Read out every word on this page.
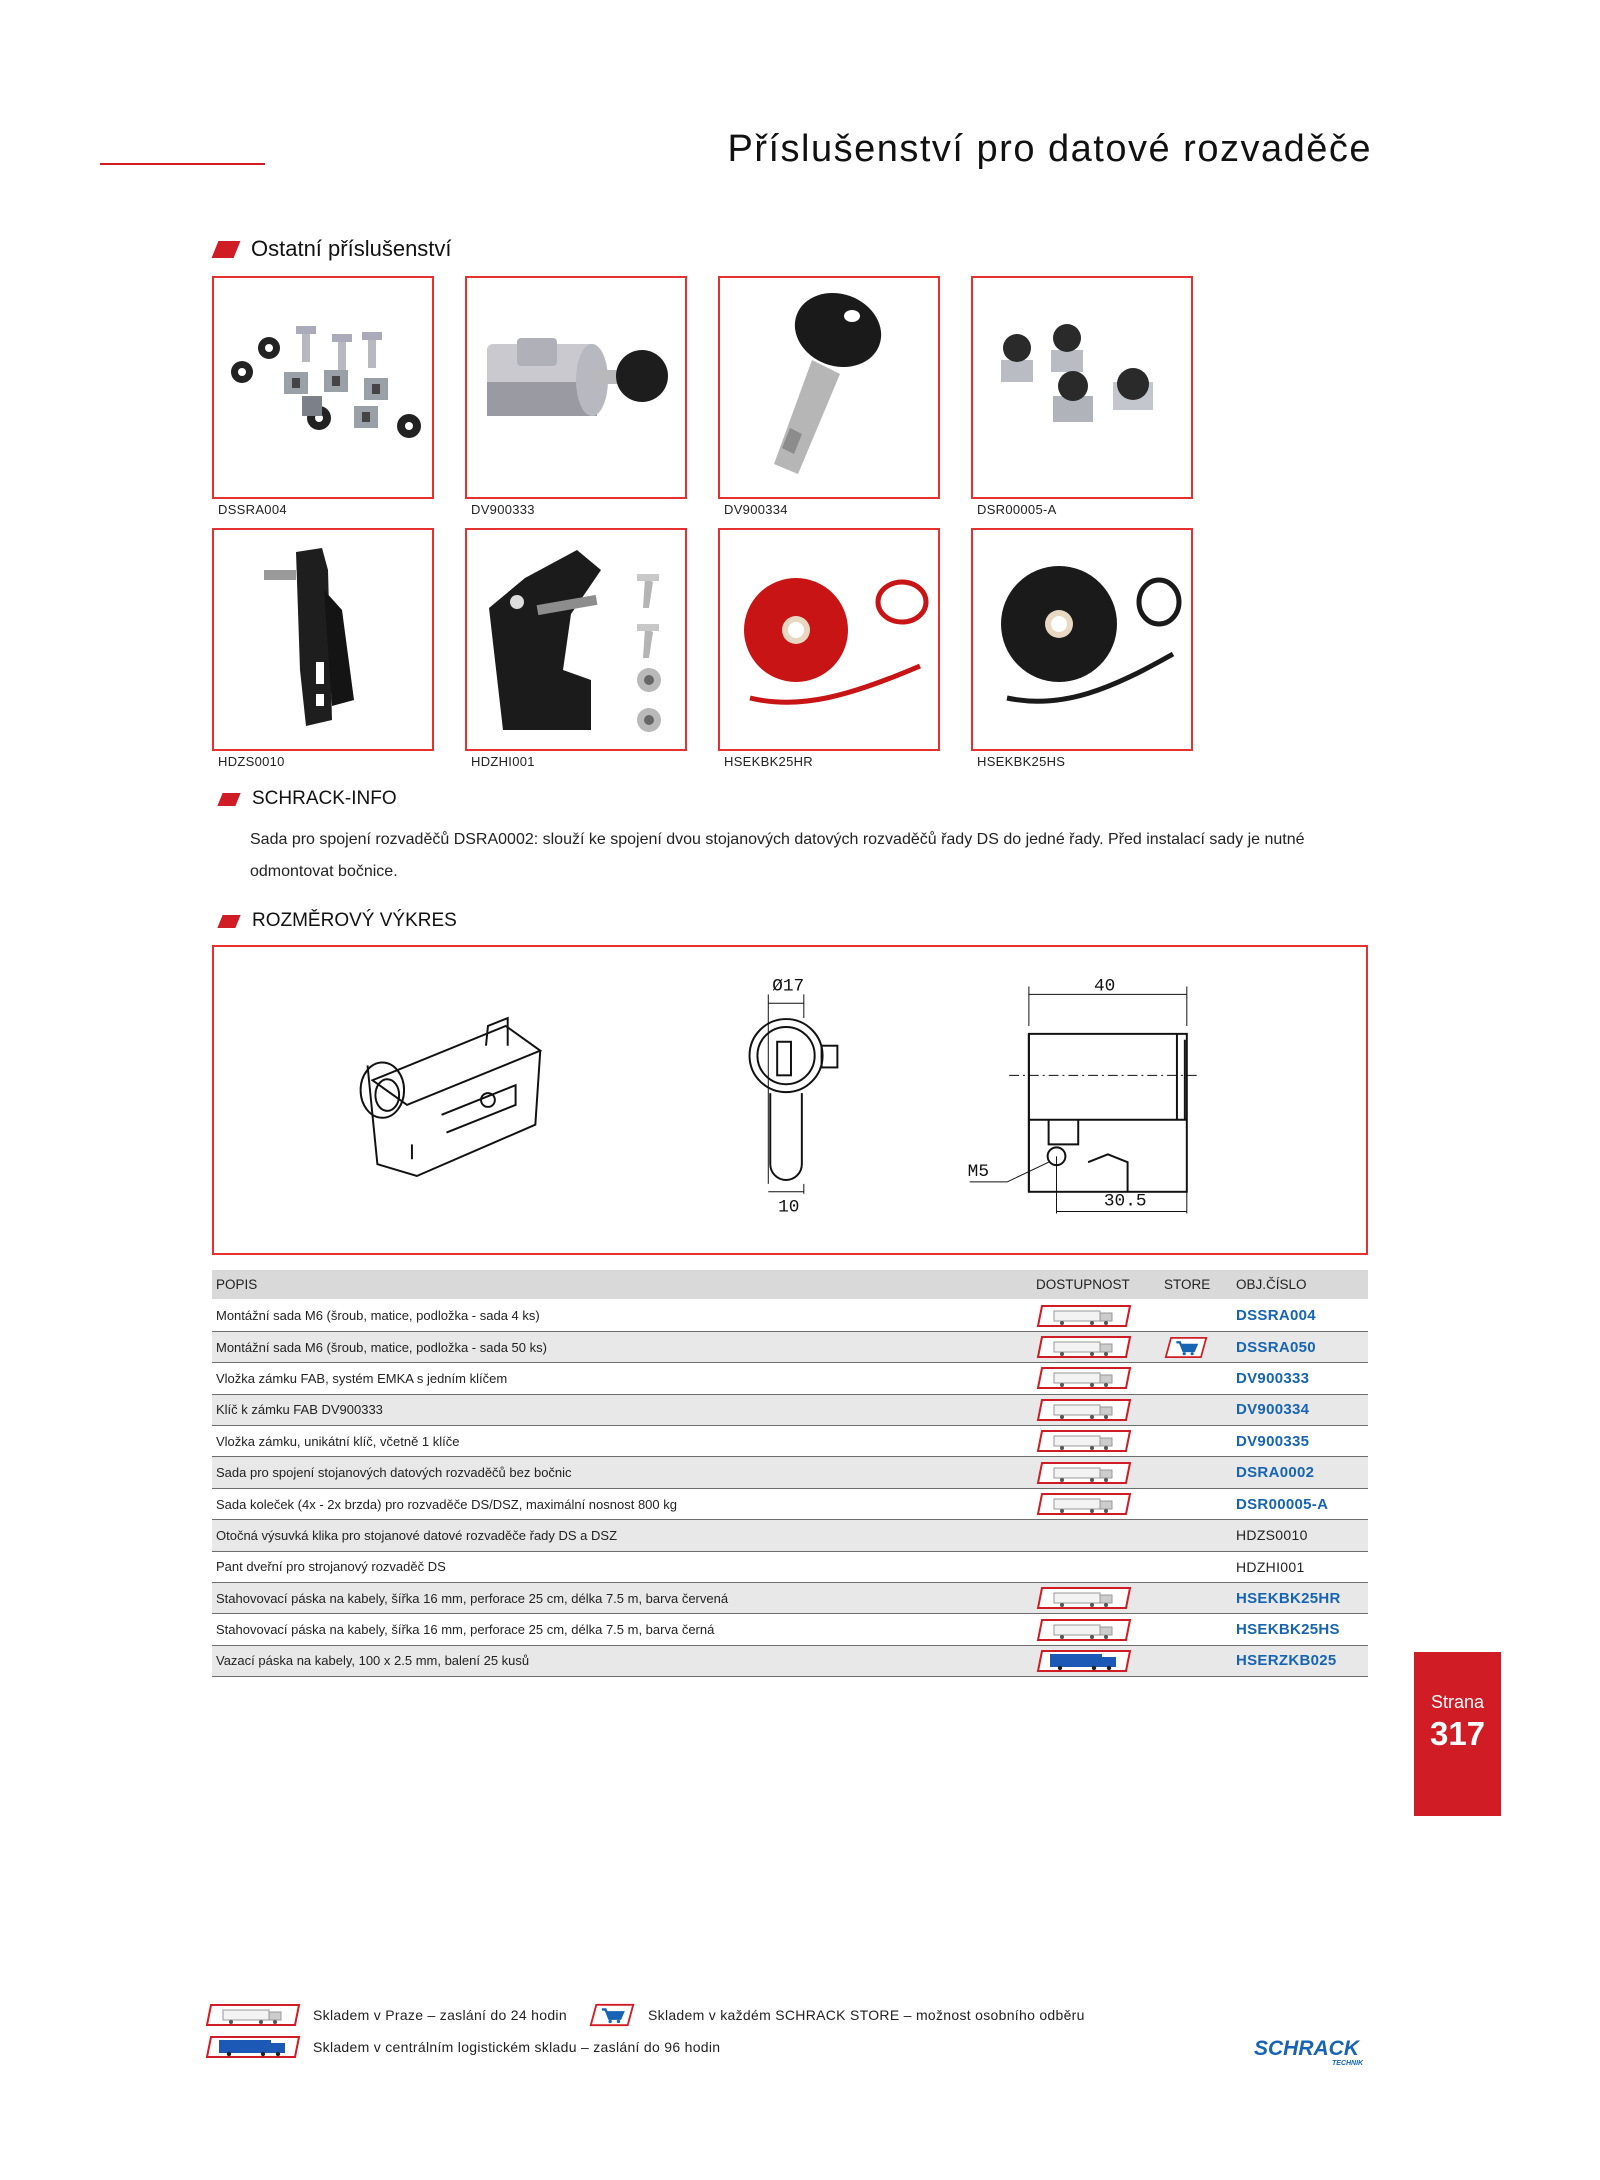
Příslušenství pro datové rozvaděče
Ostatní příslušenství
DSSRA004	DV900333	DV900334	DSR00005-A
HDZS0010	HDZHI001	HSEKBK25HR	HSEKBK25HS
SCHRACK-INFO

Sada pro spojení rozvaděčů DSRA0002: slouží ke spojení dvou stojanových datových rozvaděčů řady DS do jedné řady. Před instalací sady je nutné odmontovat bočnice.

ROZMĚROVÝ VÝKRES
Ø17
10
40
M5
30.5
POPIS	DOSTUPNOST	STORE	OBJ.ČÍSLO
Montážní sada M6 (šroub, matice, podložka - sada 4 ks)			DSSRA004
Montážní sada M6 (šroub, matice, podložka - sada 50 ks)			DSSRA050
Vložka zámku FAB, systém EMKA s jedním klíčem			DV900333
Klíč k zámku FAB DV900333			DV900334
Vložka zámku, unikátní klíč, včetně 1 klíče			DV900335
Sada pro spojení stojanových datových rozvaděčů bez bočnic			DSRA0002
Sada koleček (4x - 2x brzda) pro rozvaděče DS/DSZ, maximální nosnost 800 kg			DSR00005-A
Otočná výsuvká klika pro stojanové datové rozvaděče řady DS a DSZ			HDZS0010
Pant dveřní pro strojanový rozvaděč DS			HDZHI001
Stahovovací páska na kabely, šířka 16 mm, perforace 25 cm, délka 7.5 m, barva červená			HSEKBK25HR
Stahovovací páska na kabely, šířka 16 mm, perforace 25 cm, délka 7.5 m, barva černá			HSEKBK25HS
Vazací páska na kabely, 100 x 2.5 mm, balení 25 kusů			HSERZKB025
Strana
317
Skladem v Praze – zaslání do 24 hodin	Skladem v každém SCHRACK STORE – možnost osobního odběru
Skladem v centrálním logistickém skladu – zaslání do 96 hodin	SCHRACK
TECHNIK
